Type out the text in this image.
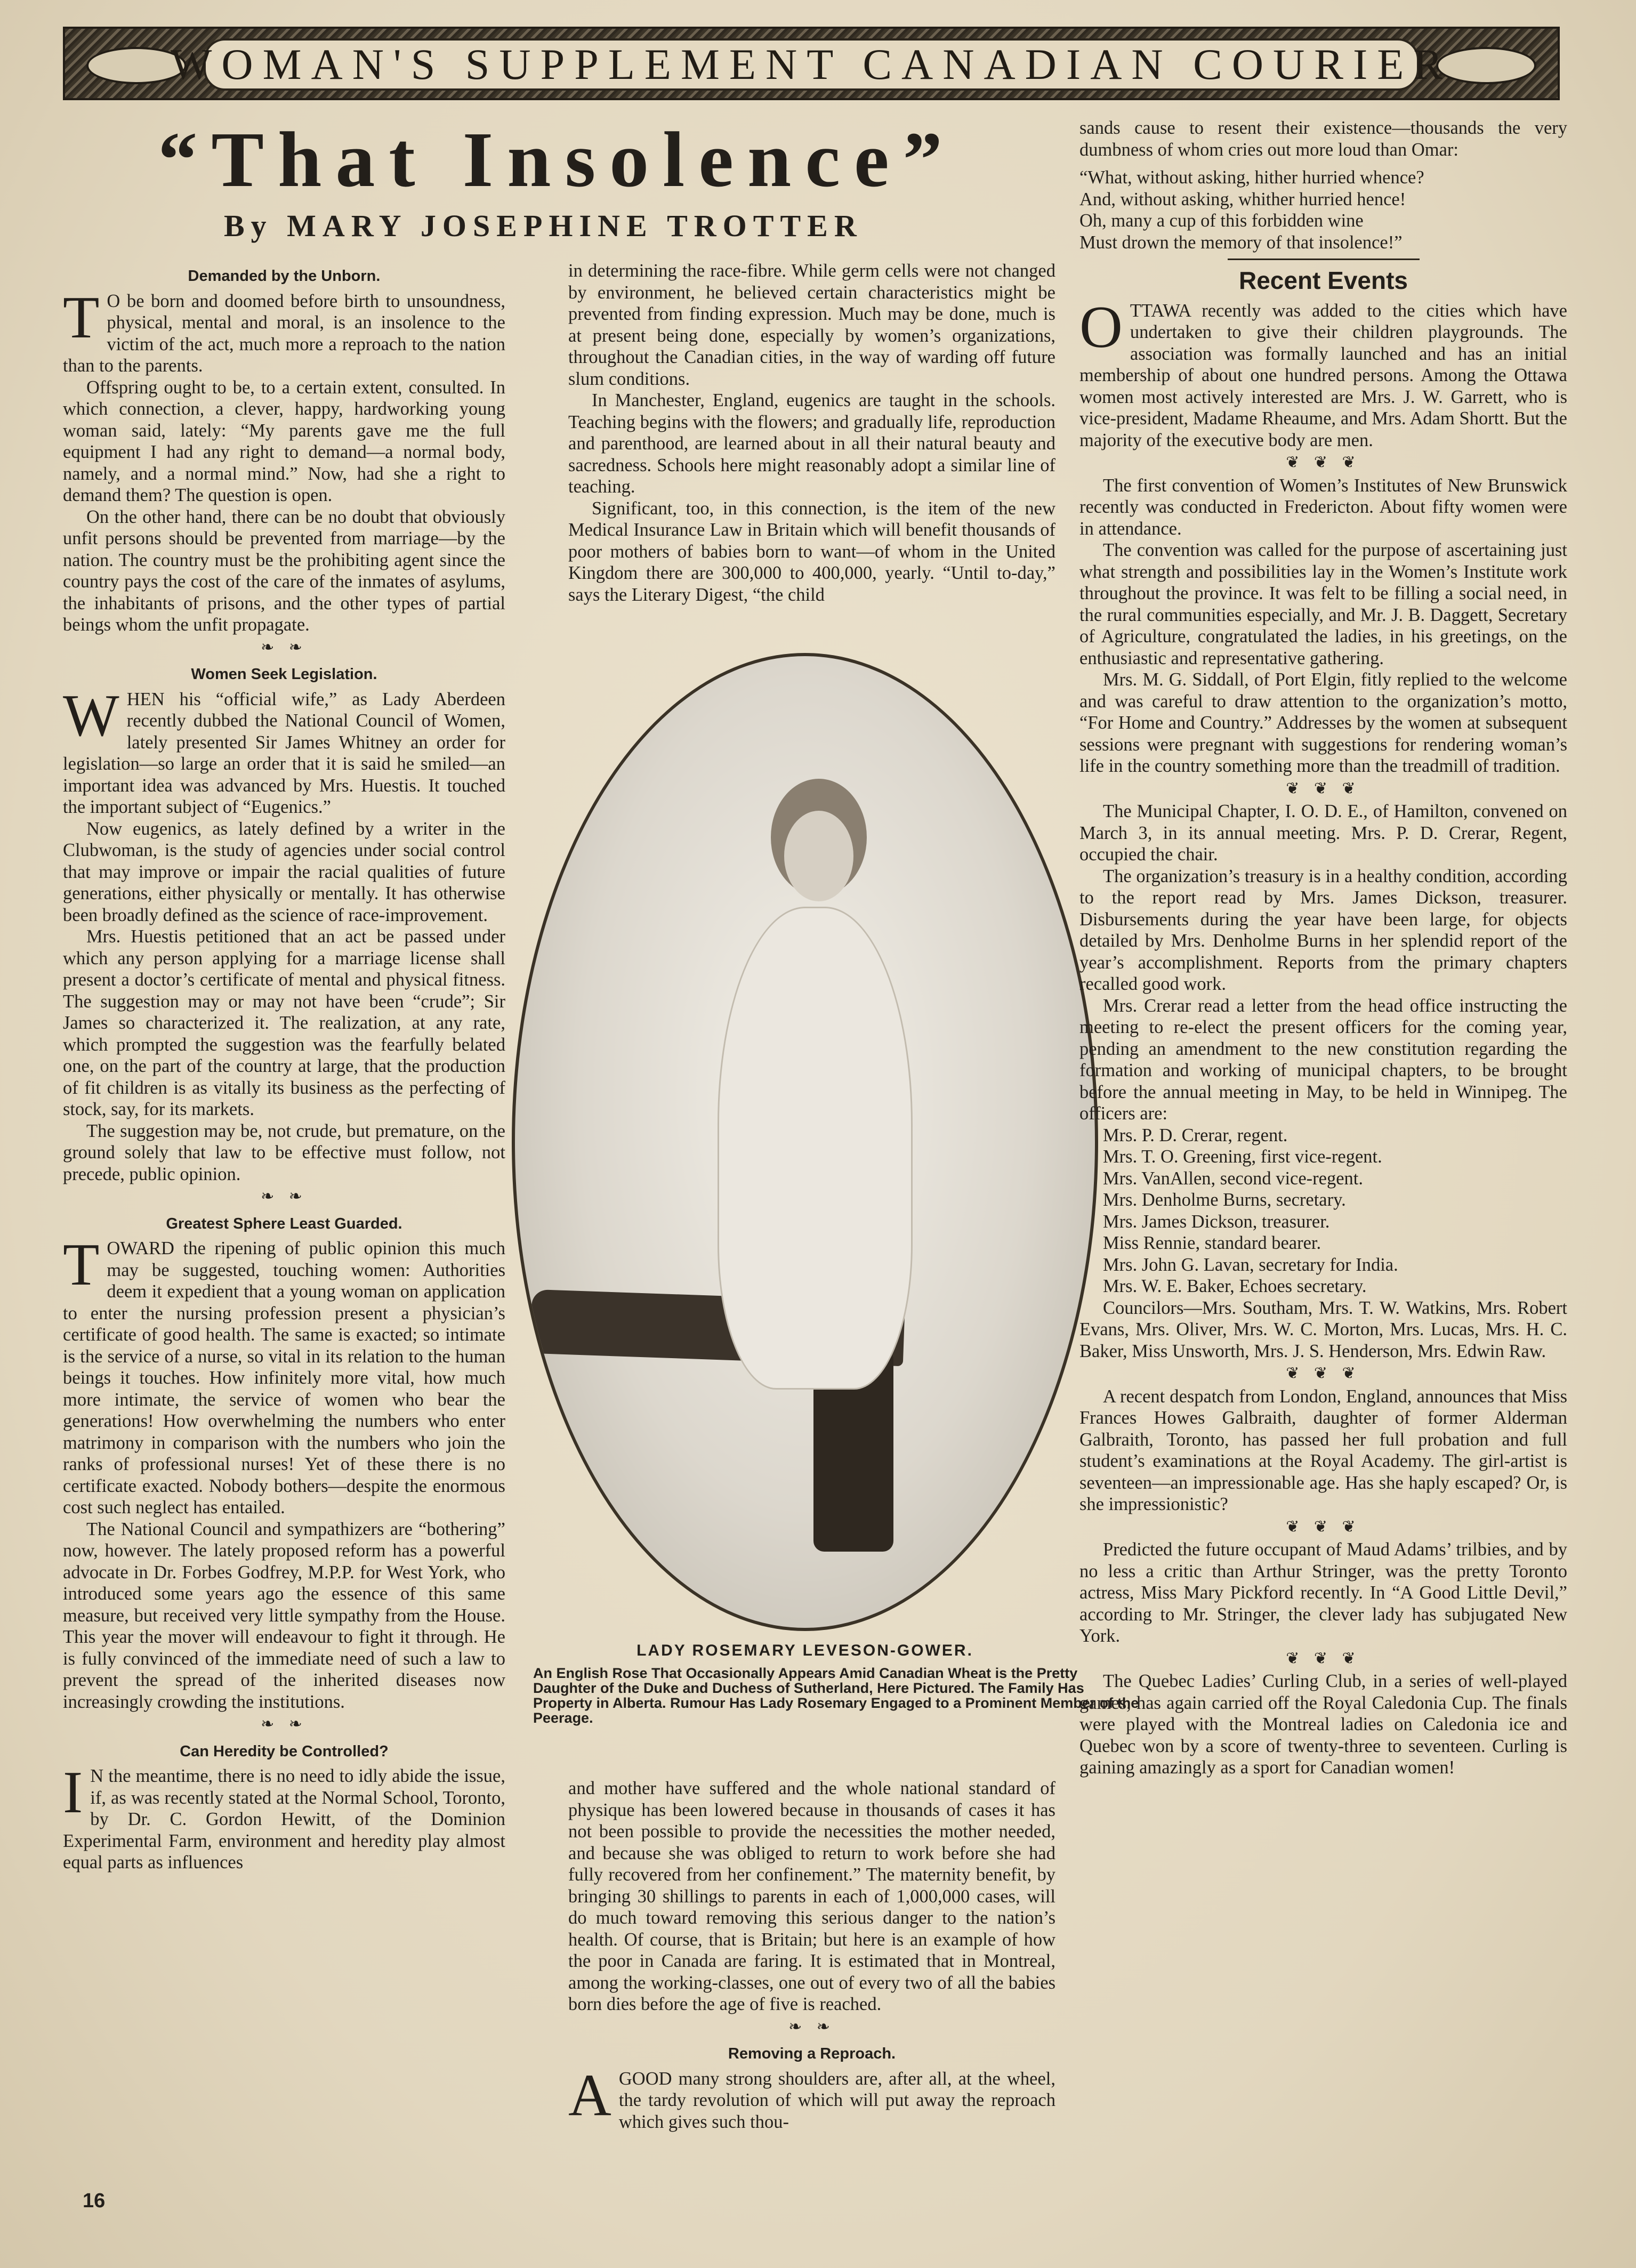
WOMAN'S SUPPLEMENT CANADIAN COURIER
“That Insolence”
By MARY JOSEPHINE TROTTER
Demanded by the Unborn.

T O be born and doomed before birth to unsoundness, physical, mental and moral, is an insolence to the victim of the act, much more a reproach to the nation than to the parents.

Offspring ought to be, to a certain extent, consulted. In which connection, a clever, happy, hardworking young woman said, lately: “My parents gave me the full equipment I had any right to demand—a normal body, namely, and a normal mind.” Now, had she a right to demand them? The question is open.

On the other hand, there can be no doubt that obviously unfit persons should be prevented from marriage—by the nation. The country must be the prohibiting agent since the country pays the cost of the care of the inmates of asylums, the inhabitants of prisons, and the other types of partial beings whom the unfit propagate.

❧ ❧
Women Seek Legislation.

WHEN his “official wife,” as Lady Aberdeen recently dubbed the National Council of Women, lately presented Sir James Whitney an order for legislation—so large an order that it is said he smiled—an important idea was advanced by Mrs. Huestis. It touched the important subject of “Eugenics.”

Now eugenics, as lately defined by a writer in the Clubwoman, is the study of agencies under social control that may improve or impair the racial qualities of future generations, either physically or mentally. It has otherwise been broadly defined as the science of race-improvement.

Mrs. Huestis petitioned that an act be passed under which any person applying for a marriage license shall present a doctor’s certificate of mental and physical fitness. The suggestion may or may not have been “crude”; Sir James so characterized it. The realization, at any rate, which prompted the suggestion was the fearfully belated one, on the part of the country at large, that the production of fit children is as vitally its business as the perfecting of stock, say, for its markets.

The suggestion may be, not crude, but premature, on the ground solely that law to be effective must follow, not precede, public opinion.

❧ ❧
Greatest Sphere Least Guarded.

TOWARD the ripening of public opinion this much may be suggested, touching women: Authorities deem it expedient that a young woman on application to enter the nursing profession present a physician’s certificate of good health. The same is exacted; so intimate is the service of a nurse, so vital in its relation to the human beings it touches. How infinitely more vital, how much more intimate, the service of women who bear the generations! How overwhelming the numbers who enter matrimony in comparison with the numbers who join the ranks of professional nurses! Yet of these there is no certificate exacted. Nobody bothers—despite the enormous cost such neglect has entailed.

The National Council and sympathizers are “bothering” now, however. The lately proposed reform has a powerful advocate in Dr. Forbes Godfrey, M.P.P. for West York, who introduced some years ago the essence of this same measure, but received very little sympathy from the House. This year the mover will endeavour to fight it through. He is fully convinced of the immediate need of such a law to prevent the spread of the inherited diseases now increasingly crowding the institutions.

❧ ❧
Can Heredity be Controlled?

I N the meantime, there is no need to idly abide the issue, if, as was recently stated at the Normal School, Toronto, by Dr. C. Gordon Hewitt, of the Dominion Experimental Farm, environment and heredity play almost equal parts as influences

in determining the race-fibre. While germ cells were not changed by environment, he believed certain characteristics might be prevented from finding expression. Much may be done, much is at present being done, especially by women’s organizations, throughout the Canadian cities, in the way of warding off future slum conditions.

In Manchester, England, eugenics are taught in the schools. Teaching begins with the flowers; and gradually life, reproduction and parenthood, are learned about in all their natural beauty and sacredness. Schools here might reasonably adopt a similar line of teaching.

Significant, too, in this connection, is the item of the new Medical Insurance Law in Britain which will benefit thousands of poor mothers of babies born to want—of whom in the United Kingdom there are 300,000 to 400,000, yearly. “Until to-day,” says the Literary Digest, “the child

LADY ROSEMARY LEVESON-GOWER.
An English Rose That Occasionally Appears Amid Canadian Wheat is the Pretty Daughter of the Duke and Duchess of Sutherland, Here Pictured. The Family Has Property in Alberta. Rumour Has Lady Rosemary Engaged to a Prominent Member of the Peerage.

and mother have suffered and the whole national standard of physique has been lowered because in thousands of cases it has not been possible to provide the necessities the mother needed, and because she was obliged to return to work before she had fully recovered from her confinement.” The maternity benefit, by bringing 30 shillings to parents in each of 1,000,000 cases, will do much toward removing this serious danger to the nation’s health. Of course, that is Britain; but here is an example of how the poor in Canada are faring. It is estimated that in Montreal, among the working-classes, one out of every two of all the babies born dies before the age of five is reached.

❧ ❧
Removing a Reproach.

AGOOD many strong shoulders are, after all, at the wheel, the tardy revolution of which will put away the reproach which gives such thou-

sands cause to resent their existence—thousands the very dumbness of whom cries out more loud than Omar:

“What, without asking, hither hurried whence?
And, without asking, whither hurried hence!
Oh, many a cup of this forbidden wine
Must drown the memory of that insolence!”
Recent Events

OTTAWA recently was added to the cities which have undertaken to give their children playgrounds. The association was formally launched and has an initial membership of about one hundred persons. Among the Ottawa women most actively interested are Mrs. J. W. Garrett, who is vice-president, Madame Rheaume, and Mrs. Adam Shortt. But the majority of the executive body are men.

❦ ❦ ❦

The first convention of Women’s Institutes of New Brunswick recently was conducted in Fredericton. About fifty women were in attendance.

The convention was called for the purpose of ascertaining just what strength and possibilities lay in the Women’s Institute work throughout the province. It was felt to be filling a social need, in the rural communities especially, and Mr. J. B. Daggett, Secretary of Agriculture, congratulated the ladies, in his greetings, on the enthusiastic and representative gathering.

Mrs. M. G. Siddall, of Port Elgin, fitly replied to the welcome and was careful to draw attention to the organization’s motto, “For Home and Country.” Addresses by the women at subsequent sessions were pregnant with suggestions for rendering woman’s life in the country something more than the treadmill of tradition.

❦ ❦ ❦

The Municipal Chapter, I. O. D. E., of Hamilton, convened on March 3, in its annual meeting. Mrs. P. D. Crerar, Regent, occupied the chair.

The organization’s treasury is in a healthy condition, according to the report read by Mrs. James Dickson, treasurer. Disbursements during the year have been large, for objects detailed by Mrs. Denholme Burns in her splendid report of the year’s accomplishment. Reports from the primary chapters recalled good work.

Mrs. Crerar read a letter from the head office instructing the meeting to re-elect the present officers for the coming year, pending an amendment to the new constitution regarding the formation and working of municipal chapters, to be brought before the annual meeting in May, to be held in Winnipeg. The officers are:

Mrs. P. D. Crerar, regent.
Mrs. T. O. Greening, first vice-regent.
Mrs. VanAllen, second vice-regent.
Mrs. Denholme Burns, secretary.
Mrs. James Dickson, treasurer.
Miss Rennie, standard bearer.
Mrs. John G. Lavan, secretary for India.
Mrs. W. E. Baker, Echoes secretary.

Councilors—Mrs. Southam, Mrs. T. W. Watkins, Mrs. Robert Evans, Mrs. Oliver, Mrs. W. C. Morton, Mrs. Lucas, Mrs. H. C. Baker, Miss Unsworth, Mrs. J. S. Henderson, Mrs. Edwin Raw.

❦ ❦ ❦

A recent despatch from London, England, announces that Miss Frances Howes Galbraith, daughter of former Alderman Galbraith, Toronto, has passed her full probation and full student’s examinations at the Royal Academy. The girl-artist is seventeen—an impressionable age. Has she haply escaped? Or, is she impressionistic?

❦ ❦ ❦

Predicted the future occupant of Maud Adams’ trilbies, and by no less a critic than Arthur Stringer, was the pretty Toronto actress, Miss Mary Pickford recently. In “A Good Little Devil,” according to Mr. Stringer, the clever lady has subjugated New York.

❦ ❦ ❦

The Quebec Ladies’ Curling Club, in a series of well-played games, has again carried off the Royal Caledonia Cup. The finals were played with the Montreal ladies on Caledonia ice and Quebec won by a score of twenty-three to seventeen. Curling is gaining amazingly as a sport for Canadian women!

16
